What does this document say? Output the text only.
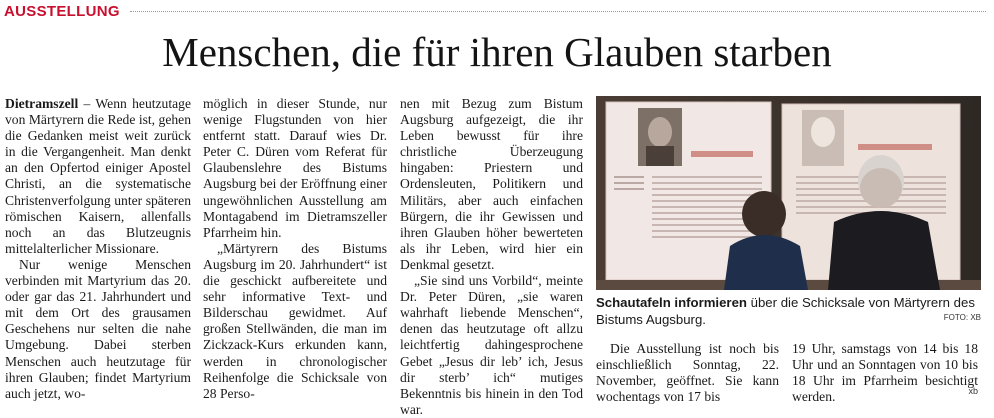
AUSSTELLUNG
Menschen, die für ihren Glauben starben

Dietramszell – Wenn heutzutage von Märtyrern die Rede ist, gehen die Gedanken meist weit zurück in die Vergangenheit. Man denkt an den Opfertod einiger Apostel Christi, an die systematische Christenverfolgung unter späteren römischen Kaisern, allenfalls noch an das Blutzeugnis mittelalterlicher Missionare.

Nur wenige Menschen verbinden mit Martyrium das 20. oder gar das 21. Jahrhundert und mit dem Ort des grausamen Geschehens nur selten die nahe Umgebung. Dabei sterben Menschen auch heutzutage für ihren Glauben; findet Martyrium auch jetzt, wo-

möglich in dieser Stunde, nur wenige Flugstunden von hier entfernt statt. Darauf wies Dr. Peter C. Düren vom Referat für Glaubenslehre des Bistums Augsburg bei der Eröffnung einer ungewöhnlichen Ausstellung am Montagabend im Dietramszeller Pfarrheim hin.

„Märtyrern des Bistums Augsburg im 20. Jahrhundert“ ist die geschickt aufbereitete und sehr informative Text- und Bilderschau gewidmet. Auf großen Stellwänden, die man im Zickzack-Kurs erkunden kann, werden in chronologischer Reihenfolge die Schicksale von 28 Perso-

nen mit Bezug zum Bistum Augsburg aufgezeigt, die ihr Leben bewusst für ihre christliche Überzeugung hingaben: Priestern und Ordensleuten, Politikern und Militärs, aber auch einfachen Bürgern, die ihr Gewissen und ihren Glauben höher bewerteten als ihr Leben, wird hier ein Denkmal gesetzt.

„Sie sind uns Vorbild“, meinte Dr. Peter Düren, „sie waren wahrhaft liebende Menschen“, denen das heutzutage oft allzu leichtfertig dahingesprochene Gebet „Jesus dir leb’ ich, Jesus dir sterb’ ich“ mutiges Bekenntnis bis hinein in den Tod war.

Schautafeln informieren über die Schicksale von Märtyrern des Bistums Augsburg.	FOTO: XB

Die Ausstellung ist noch bis einschließlich Sonntag, 22. November, geöffnet. Sie kann wochentags von 17 bis

19 Uhr, samstags von 14 bis 18 Uhr und an Sonntagen von 10 bis 18 Uhr im Pfarrheim besichtigt werden.	xb
